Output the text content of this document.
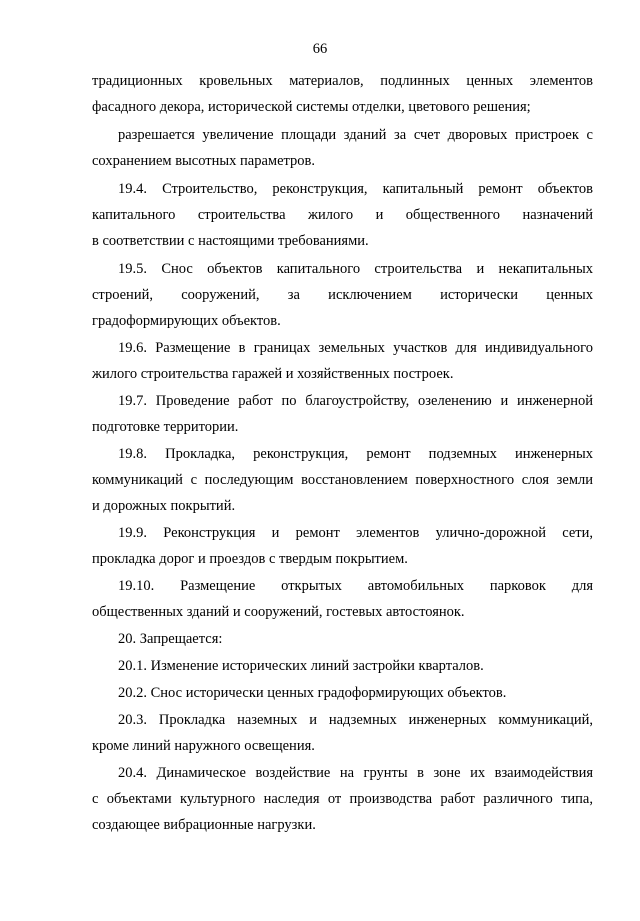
66
традиционных кровельных материалов, подлинных ценных элементов
фасадного декора, исторической системы отделки, цветового решения;
разрешается увеличение площади зданий за счет дворовых пристроек с
сохранением высотных параметров.
19.4. Строительство, реконструкция, капитальный ремонт объектов
капитального строительства жилого и общественного назначений
в соответствии с настоящими требованиями.
19.5. Снос объектов капитального строительства и некапитальных
строений, сооружений, за исключением исторически ценных
градоформирующих объектов.
19.6. Размещение в границах земельных участков для индивидуального
жилого строительства гаражей и хозяйственных построек.
19.7. Проведение работ по благоустройству, озеленению и инженерной
подготовке территории.
19.8. Прокладка, реконструкция, ремонт подземных инженерных
коммуникаций с последующим восстановлением поверхностного слоя земли
и дорожных покрытий.
19.9. Реконструкция и ремонт элементов улично-дорожной сети,
прокладка дорог и проездов с твердым покрытием.
19.10. Размещение открытых автомобильных парковок для
общественных зданий и сооружений, гостевых автостоянок.
20. Запрещается:
20.1. Изменение исторических линий застройки кварталов.
20.2. Снос исторически ценных градоформирующих объектов.
20.3. Прокладка наземных и надземных инженерных коммуникаций,
кроме линий наружного освещения.
20.4. Динамическое воздействие на грунты в зоне их взаимодействия
с объектами культурного наследия от производства работ различного типа,
создающее вибрационные нагрузки.
